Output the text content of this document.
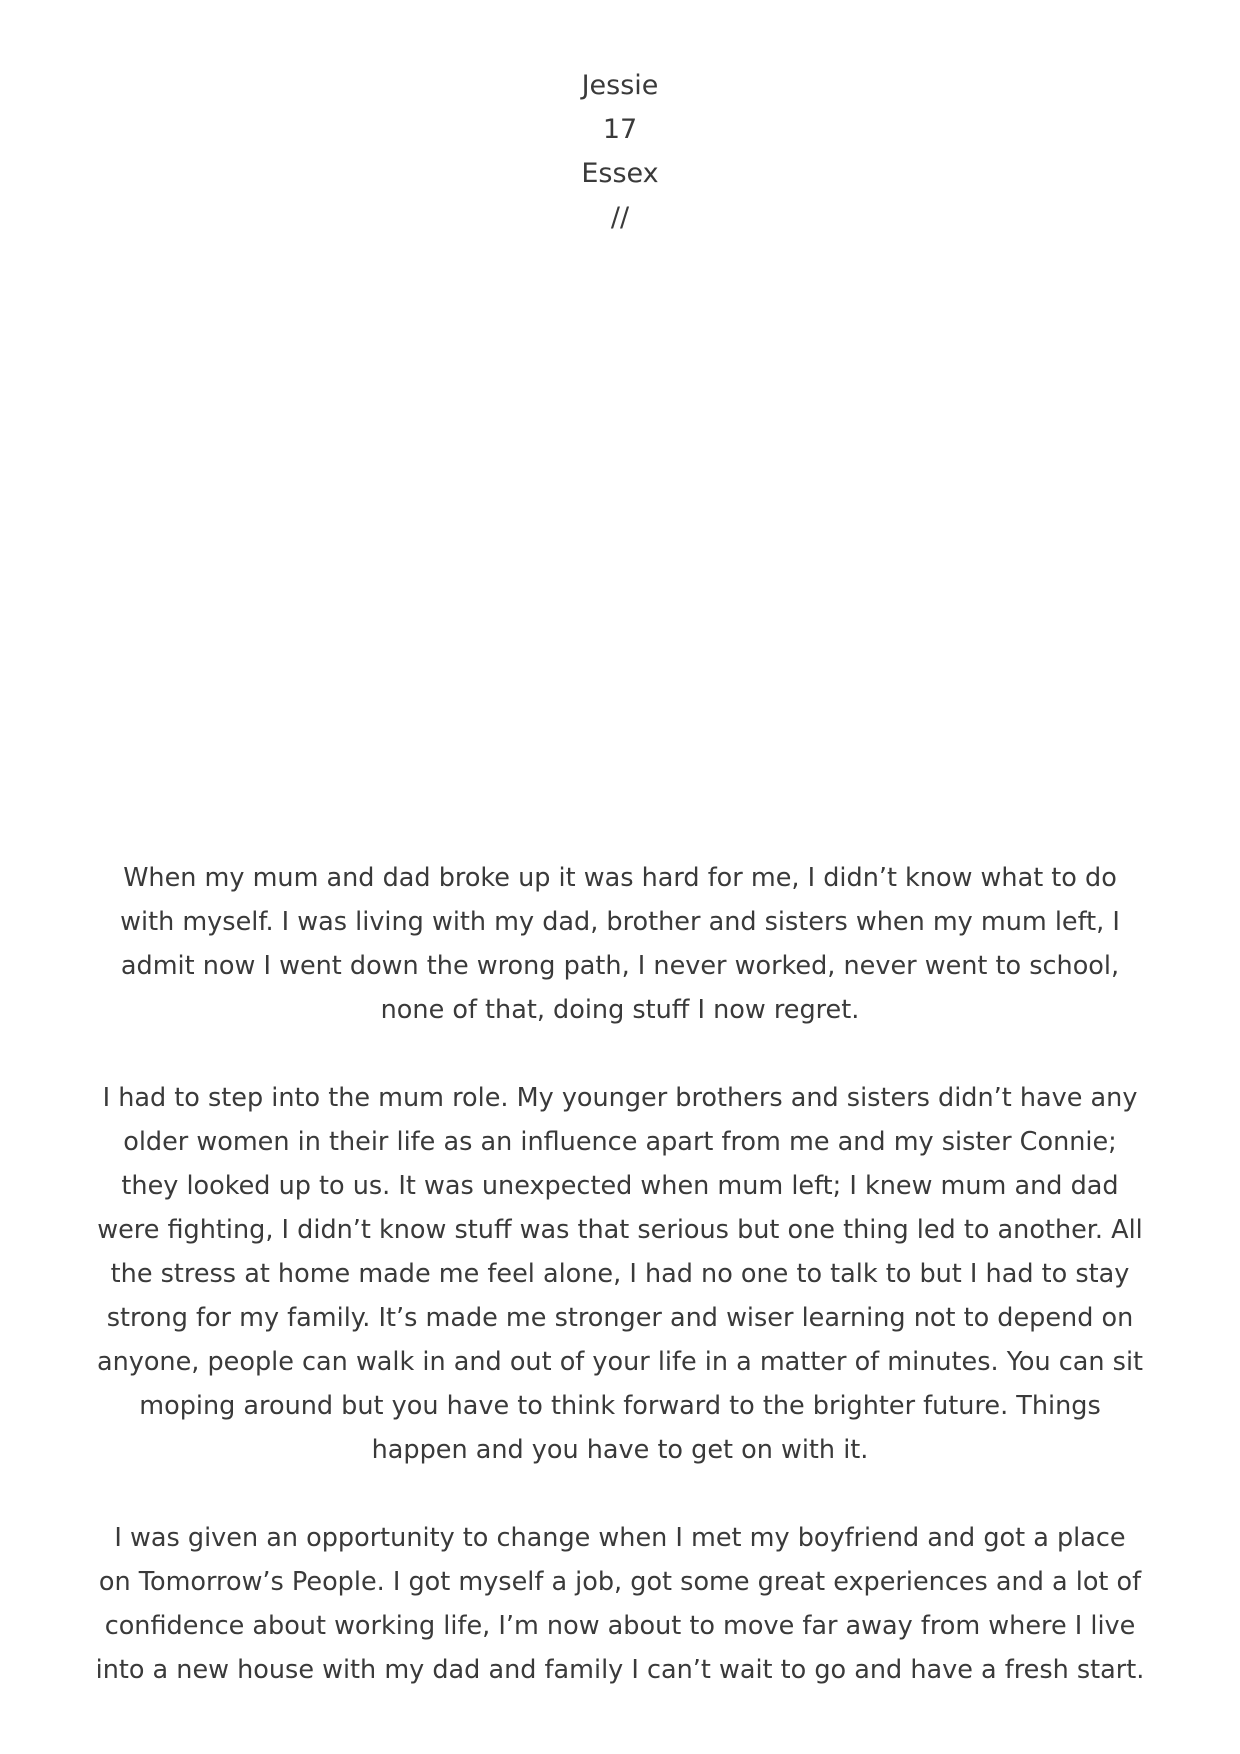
Jessie
17
Essex
//

When my mum and dad broke up it was hard for me, I didn’t know what to do
with myself. I was living with my dad, brother and sisters when my mum left, I
admit now I went down the wrong path, I never worked, never went to school,
none of that, doing stuff I now regret.

I had to step into the mum role. My younger brothers and sisters didn’t have any
older women in their life as an influence apart from me and my sister Connie;
they looked up to us. It was unexpected when mum left; I knew mum and dad
were fighting, I didn’t know stuff was that serious but one thing led to another. All
the stress at home made me feel alone, I had no one to talk to but I had to stay
strong for my family. It’s made me stronger and wiser learning not to depend on
anyone, people can walk in and out of your life in a matter of minutes. You can sit
moping around but you have to think forward to the brighter future. Things
happen and you have to get on with it.

I was given an opportunity to change when I met my boyfriend and got a place
on Tomorrow’s People. I got myself a job, got some great experiences and a lot of
confidence about working life, I’m now about to move far away from where I live
into a new house with my dad and family I can’t wait to go and have a fresh start.
